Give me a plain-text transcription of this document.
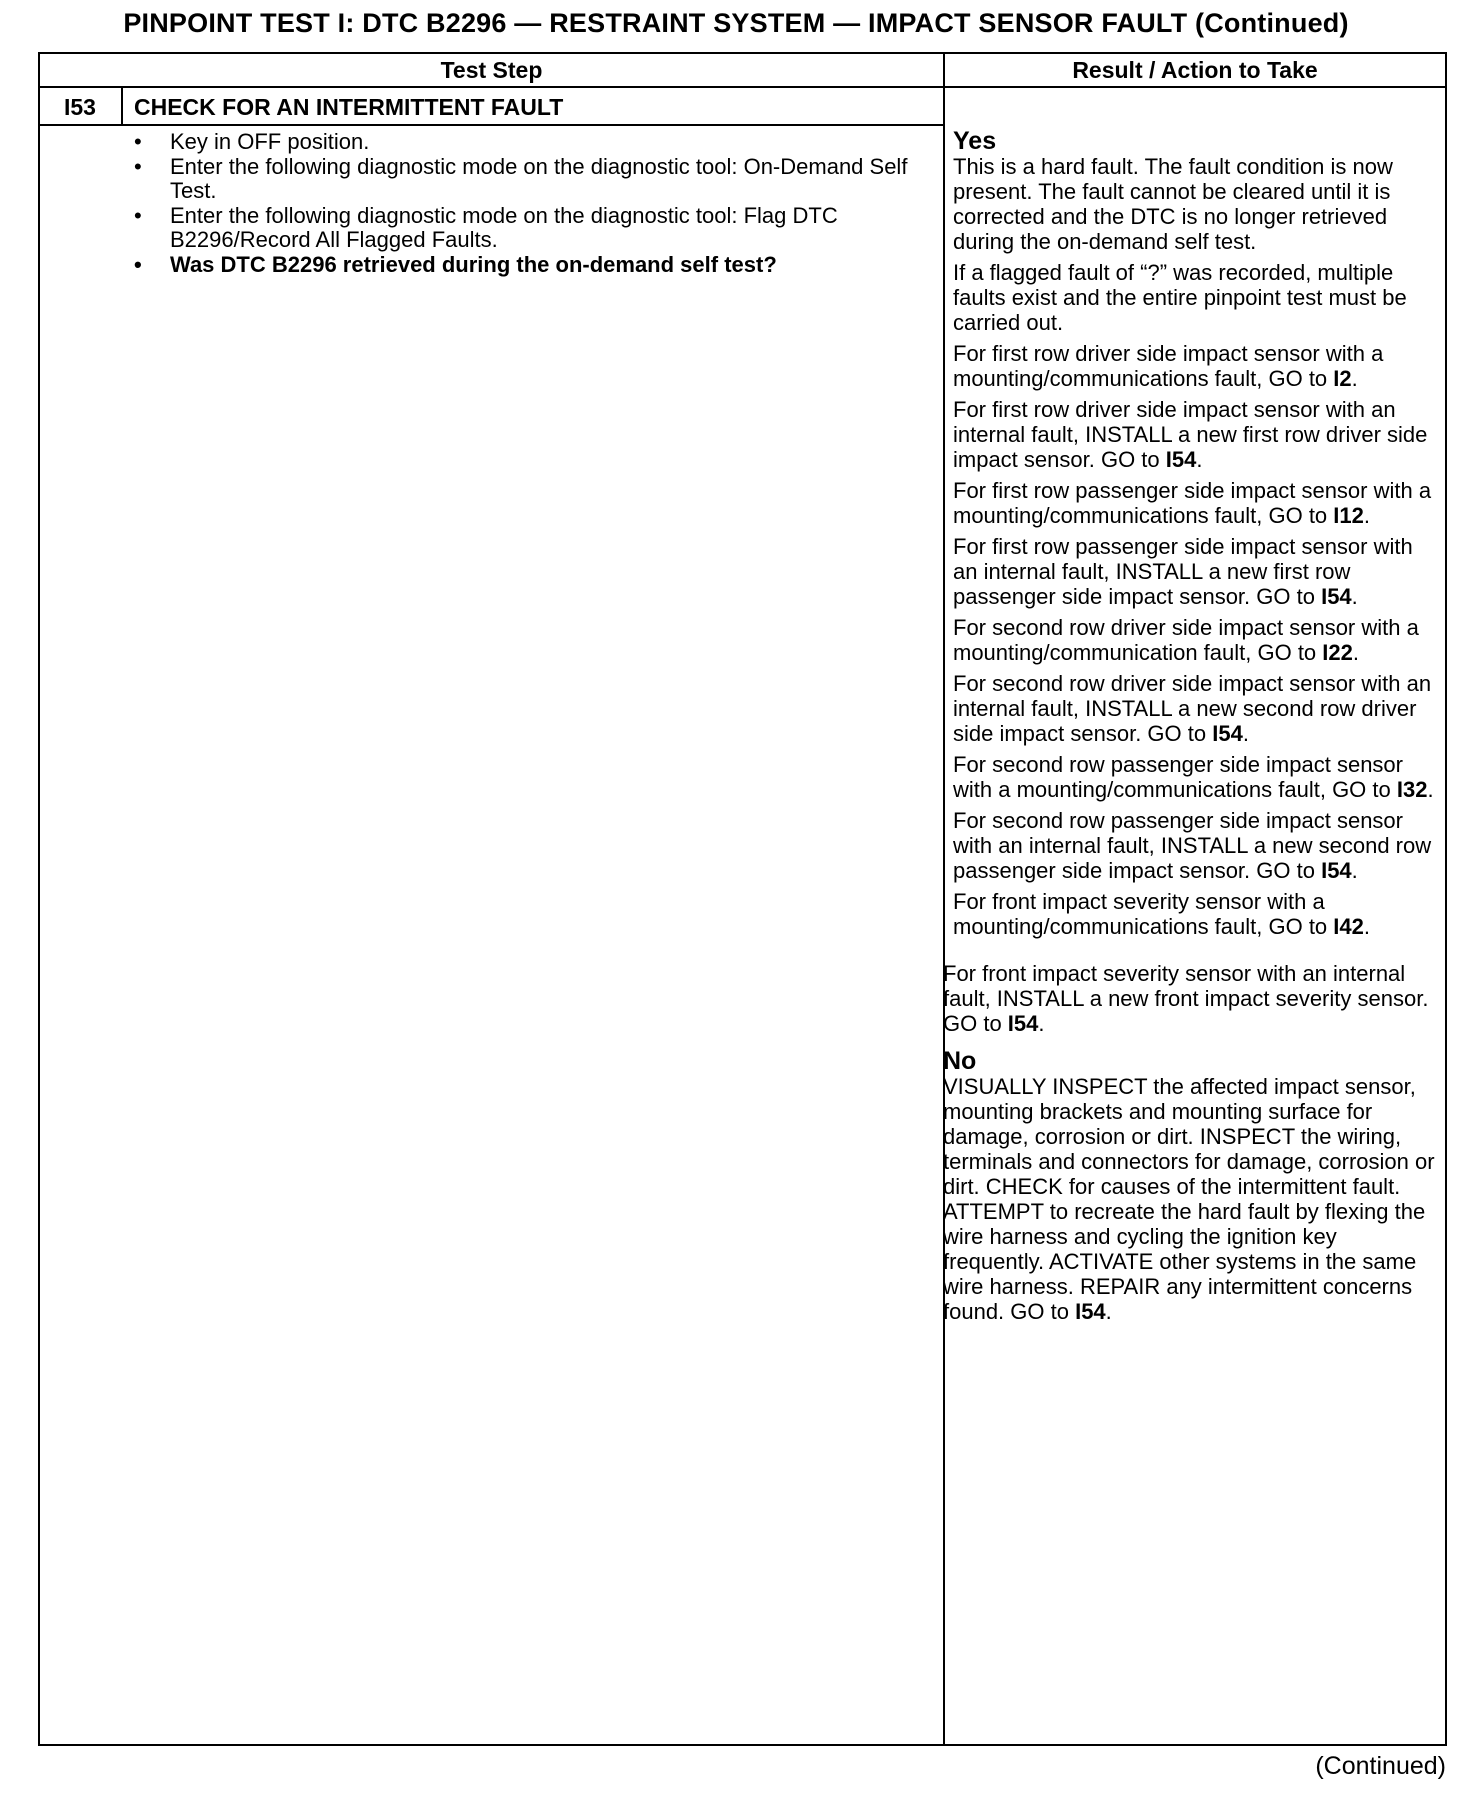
PINPOINT TEST I: DTC B2296 — RESTRAINT SYSTEM — IMPACT SENSOR FAULT (Continued)
Test Step	Result / Action to Take
I53	CHECK FOR AN INTERMITTENT FAULT
• Key in OFF position.
• Enter the following diagnostic mode on the diagnostic tool: On-Demand Self Test.
• Enter the following diagnostic mode on the diagnostic tool: Flag DTC B2296/Record All Flagged Faults.
• Was DTC B2296 retrieved during the on-demand self test?
Yes

This is a hard fault. The fault condition is now present. The fault cannot be cleared until it is corrected and the DTC is no longer retrieved during the on-demand self test.

If a flagged fault of “?” was recorded, multiple faults exist and the entire pinpoint test must be carried out.

For first row driver side impact sensor with a mounting/communications fault, GO to I2.

For first row driver side impact sensor with an internal fault, INSTALL a new first row driver side impact sensor. GO to I54.

For first row passenger side impact sensor with a mounting/communications fault, GO to I12.

For first row passenger side impact sensor with an internal fault, INSTALL a new first row passenger side impact sensor. GO to I54.

For second row driver side impact sensor with a mounting/communication fault, GO to I22.

For second row driver side impact sensor with an internal fault, INSTALL a new second row driver side impact sensor. GO to I54.

For second row passenger side impact sensor with a mounting/communications fault, GO to I32.

For second row passenger side impact sensor with an internal fault, INSTALL a new second row passenger side impact sensor. GO to I54.

For front impact severity sensor with a mounting/communications fault, GO to I42.

For front impact severity sensor with an internal fault, INSTALL a new front impact severity sensor. GO to I54.

No

VISUALLY INSPECT the affected impact sensor, mounting brackets and mounting surface for damage, corrosion or dirt. INSPECT the wiring, terminals and connectors for damage, corrosion or dirt. CHECK for causes of the intermittent fault. ATTEMPT to recreate the hard fault by flexing the wire harness and cycling the ignition key frequently. ACTIVATE other systems in the same wire harness. REPAIR any intermittent concerns found. GO to I54.

(Continued)
